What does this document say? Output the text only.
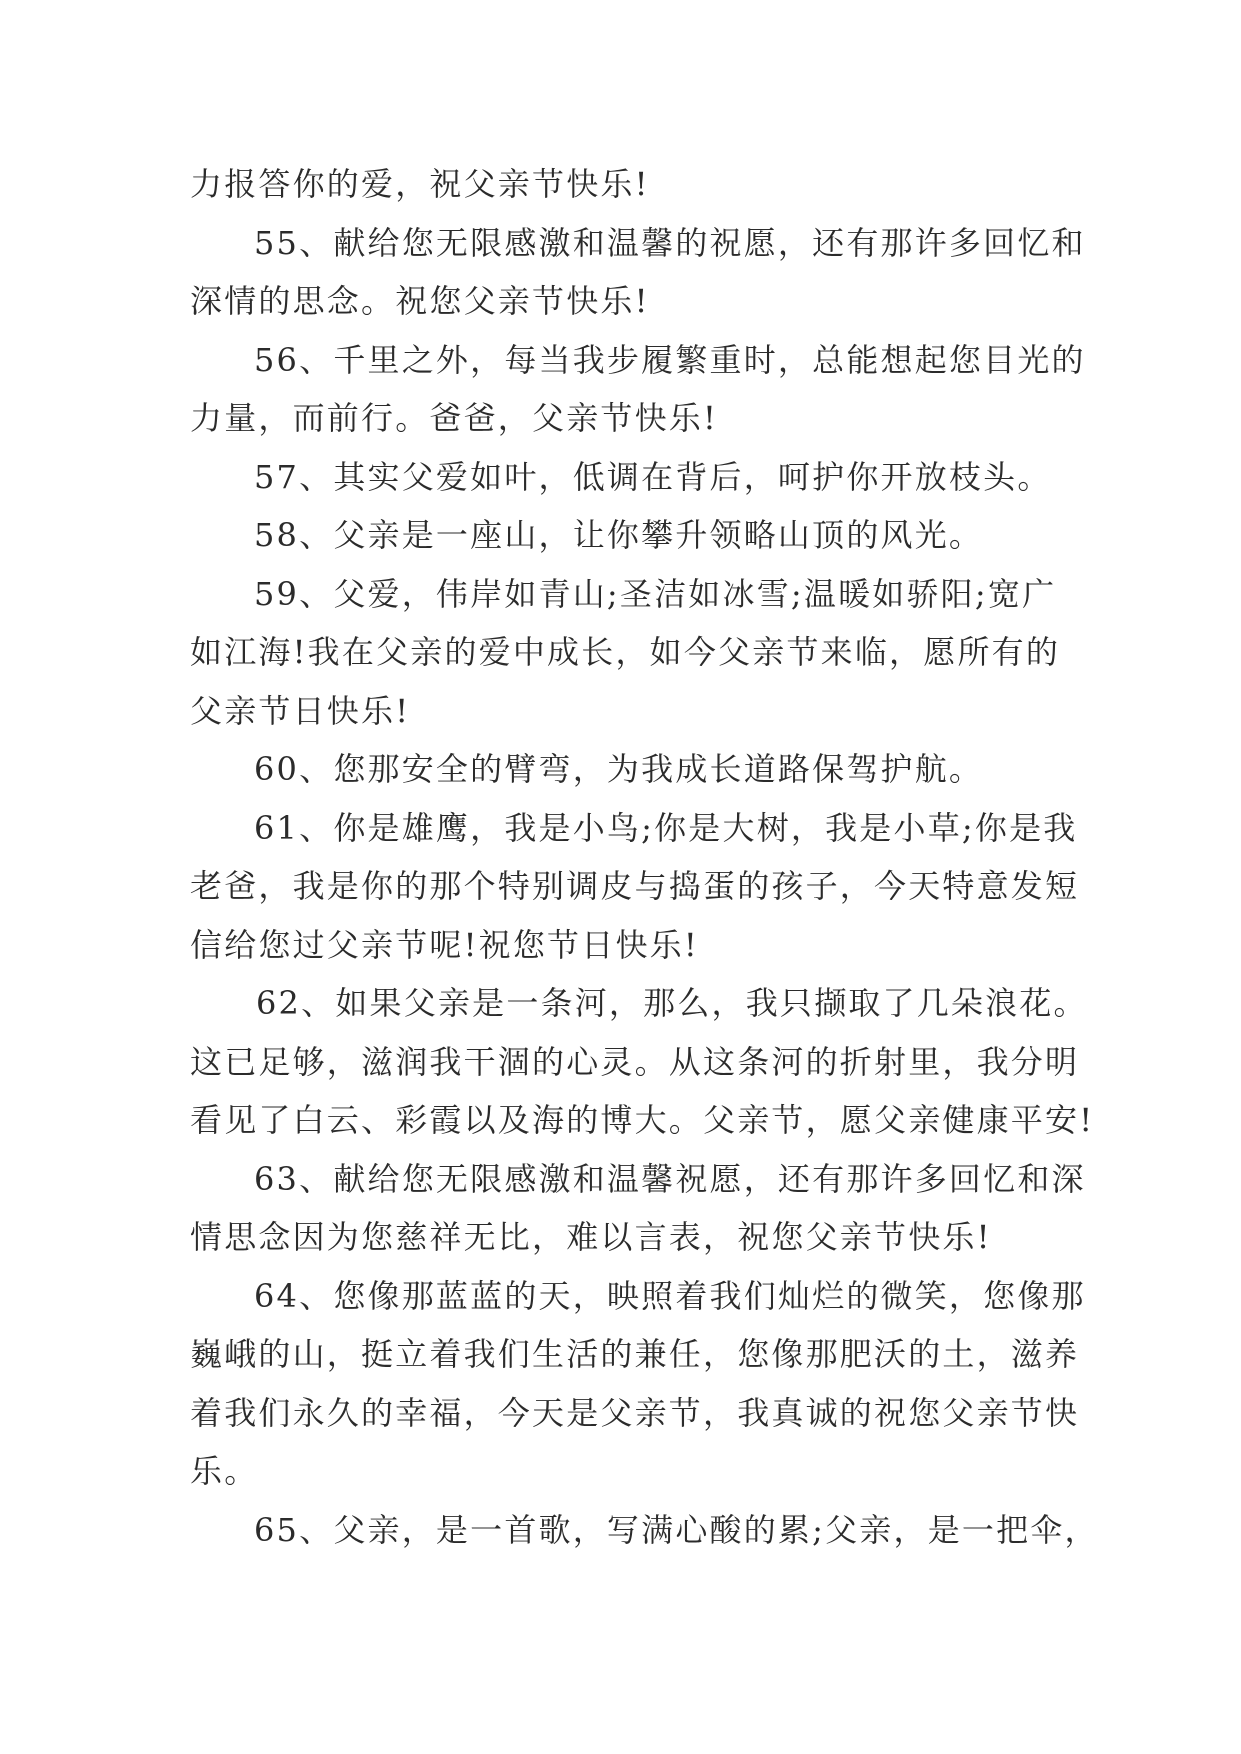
力报答你的爱，祝父亲节快乐!
55、献给您无限感激和温馨的祝愿，还有那许多回忆和
深情的思念。祝您父亲节快乐!
56、千里之外，每当我步履繁重时，总能想起您目光的
力量，而前行。爸爸，父亲节快乐!
57、其实父爱如叶，低调在背后，呵护你开放枝头。
58、父亲是一座山，让你攀升领略山顶的风光。
59、父爱，伟岸如青山;圣洁如冰雪;温暖如骄阳;宽广
如江海!我在父亲的爱中成长，如今父亲节来临，愿所有的
父亲节日快乐!
60、您那安全的臂弯，为我成长道路保驾护航。
61、你是雄鹰，我是小鸟;你是大树，我是小草;你是我
老爸，我是你的那个特别调皮与捣蛋的孩子，今天特意发短
信给您过父亲节呢!祝您节日快乐!
62、如果父亲是一条河，那么，我只撷取了几朵浪花。
这已足够，滋润我干涸的心灵。从这条河的折射里，我分明
看见了白云、彩霞以及海的博大。父亲节，愿父亲健康平安!
63、献给您无限感激和温馨祝愿，还有那许多回忆和深
情思念因为您慈祥无比，难以言表，祝您父亲节快乐!
64、您像那蓝蓝的天，映照着我们灿烂的微笑，您像那
巍峨的山，挺立着我们生活的兼任，您像那肥沃的土，滋养
着我们永久的幸福，今天是父亲节，我真诚的祝您父亲节快
乐。
65、父亲，是一首歌，写满心酸的累;父亲，是一把伞，
